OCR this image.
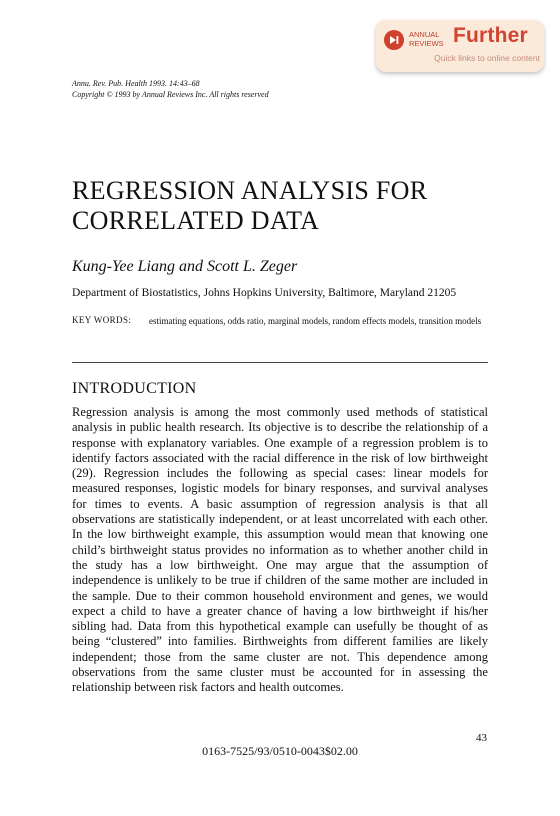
ANNUAL REVIEWS Further
Quick links to online content
Annu. Rev. Pub. Health 1993. 14:43–68
Copyright © 1993 by Annual Reviews Inc. All rights reserved
REGRESSION ANALYSIS FOR CORRELATED DATA
Kung-Yee Liang and Scott L. Zeger
Department of Biostatistics, Johns Hopkins University, Baltimore, Maryland 21205
KEY WORDS: estimating equations, odds ratio, marginal models, random effects models, transition models
INTRODUCTION

Regression analysis is among the most commonly used methods of statistical analysis in public health research. Its objective is to describe the relationship of a response with explanatory variables. One example of a regression problem is to identify factors associated with the racial difference in the risk of low birthweight (29). Regression includes the following as special cases: linear models for measured responses, logistic models for binary responses, and survival analyses for times to events. A basic assumption of regression analysis is that all observations are statistically independent, or at least uncorrelated with each other. In the low birthweight example, this assumption would mean that knowing one child’s birthweight status provides no information as to whether another child in the study has a low birthweight. One may argue that the assumption of independence is unlikely to be true if children of the same mother are included in the sample. Due to their common household environment and genes, we would expect a child to have a greater chance of having a low birthweight if his/her sibling had. Data from this hypothetical example can usefully be thought of as being “clustered” into families. Birthweights from different families are likely independent; those from the same cluster are not. This dependence among observations from the same cluster must be accounted for in assessing the relationship between risk factors and health outcomes.

43
0163-7525/93/0510-0043$02.00
